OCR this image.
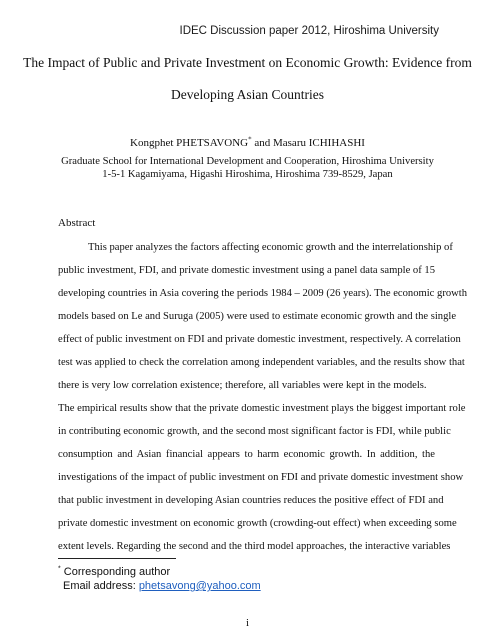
IDEC Discussion paper 2012, Hiroshima University
The Impact of Public and Private Investment on Economic Growth: Evidence from
Developing Asian Countries
Kongphet PHETSAVONG* and Masaru ICHIHASHI
Graduate School for International Development and Cooperation, Hiroshima University
1-5-1 Kagamiyama, Higashi Hiroshima, Hiroshima 739-8529, Japan
Abstract
This paper analyzes the factors affecting economic growth and the interrelationship of
public investment, FDI, and private domestic investment using a panel data sample of 15
developing countries in Asia covering the periods 1984 – 2009 (26 years). The economic growth
models based on Le and Suruga (2005) were used to estimate economic growth and the single
effect of public investment on FDI and private domestic investment, respectively. A correlation
test was applied to check the correlation among independent variables, and the results show that
there is very low correlation existence; therefore, all variables were kept in the models.
The empirical results show that the private domestic investment plays the biggest important role
in contributing economic growth, and the second most significant factor is FDI, while public
consumption and Asian financial appears to harm economic growth. In addition, the
investigations of the impact of public investment on FDI and private domestic investment show
that public investment in developing Asian countries reduces the positive effect of FDI and
private domestic investment on economic growth (crowding-out effect) when exceeding some
extent levels. Regarding the second and the third model approaches, the interactive variables
* Corresponding author
Email address: phetsavong@yahoo.com
i
